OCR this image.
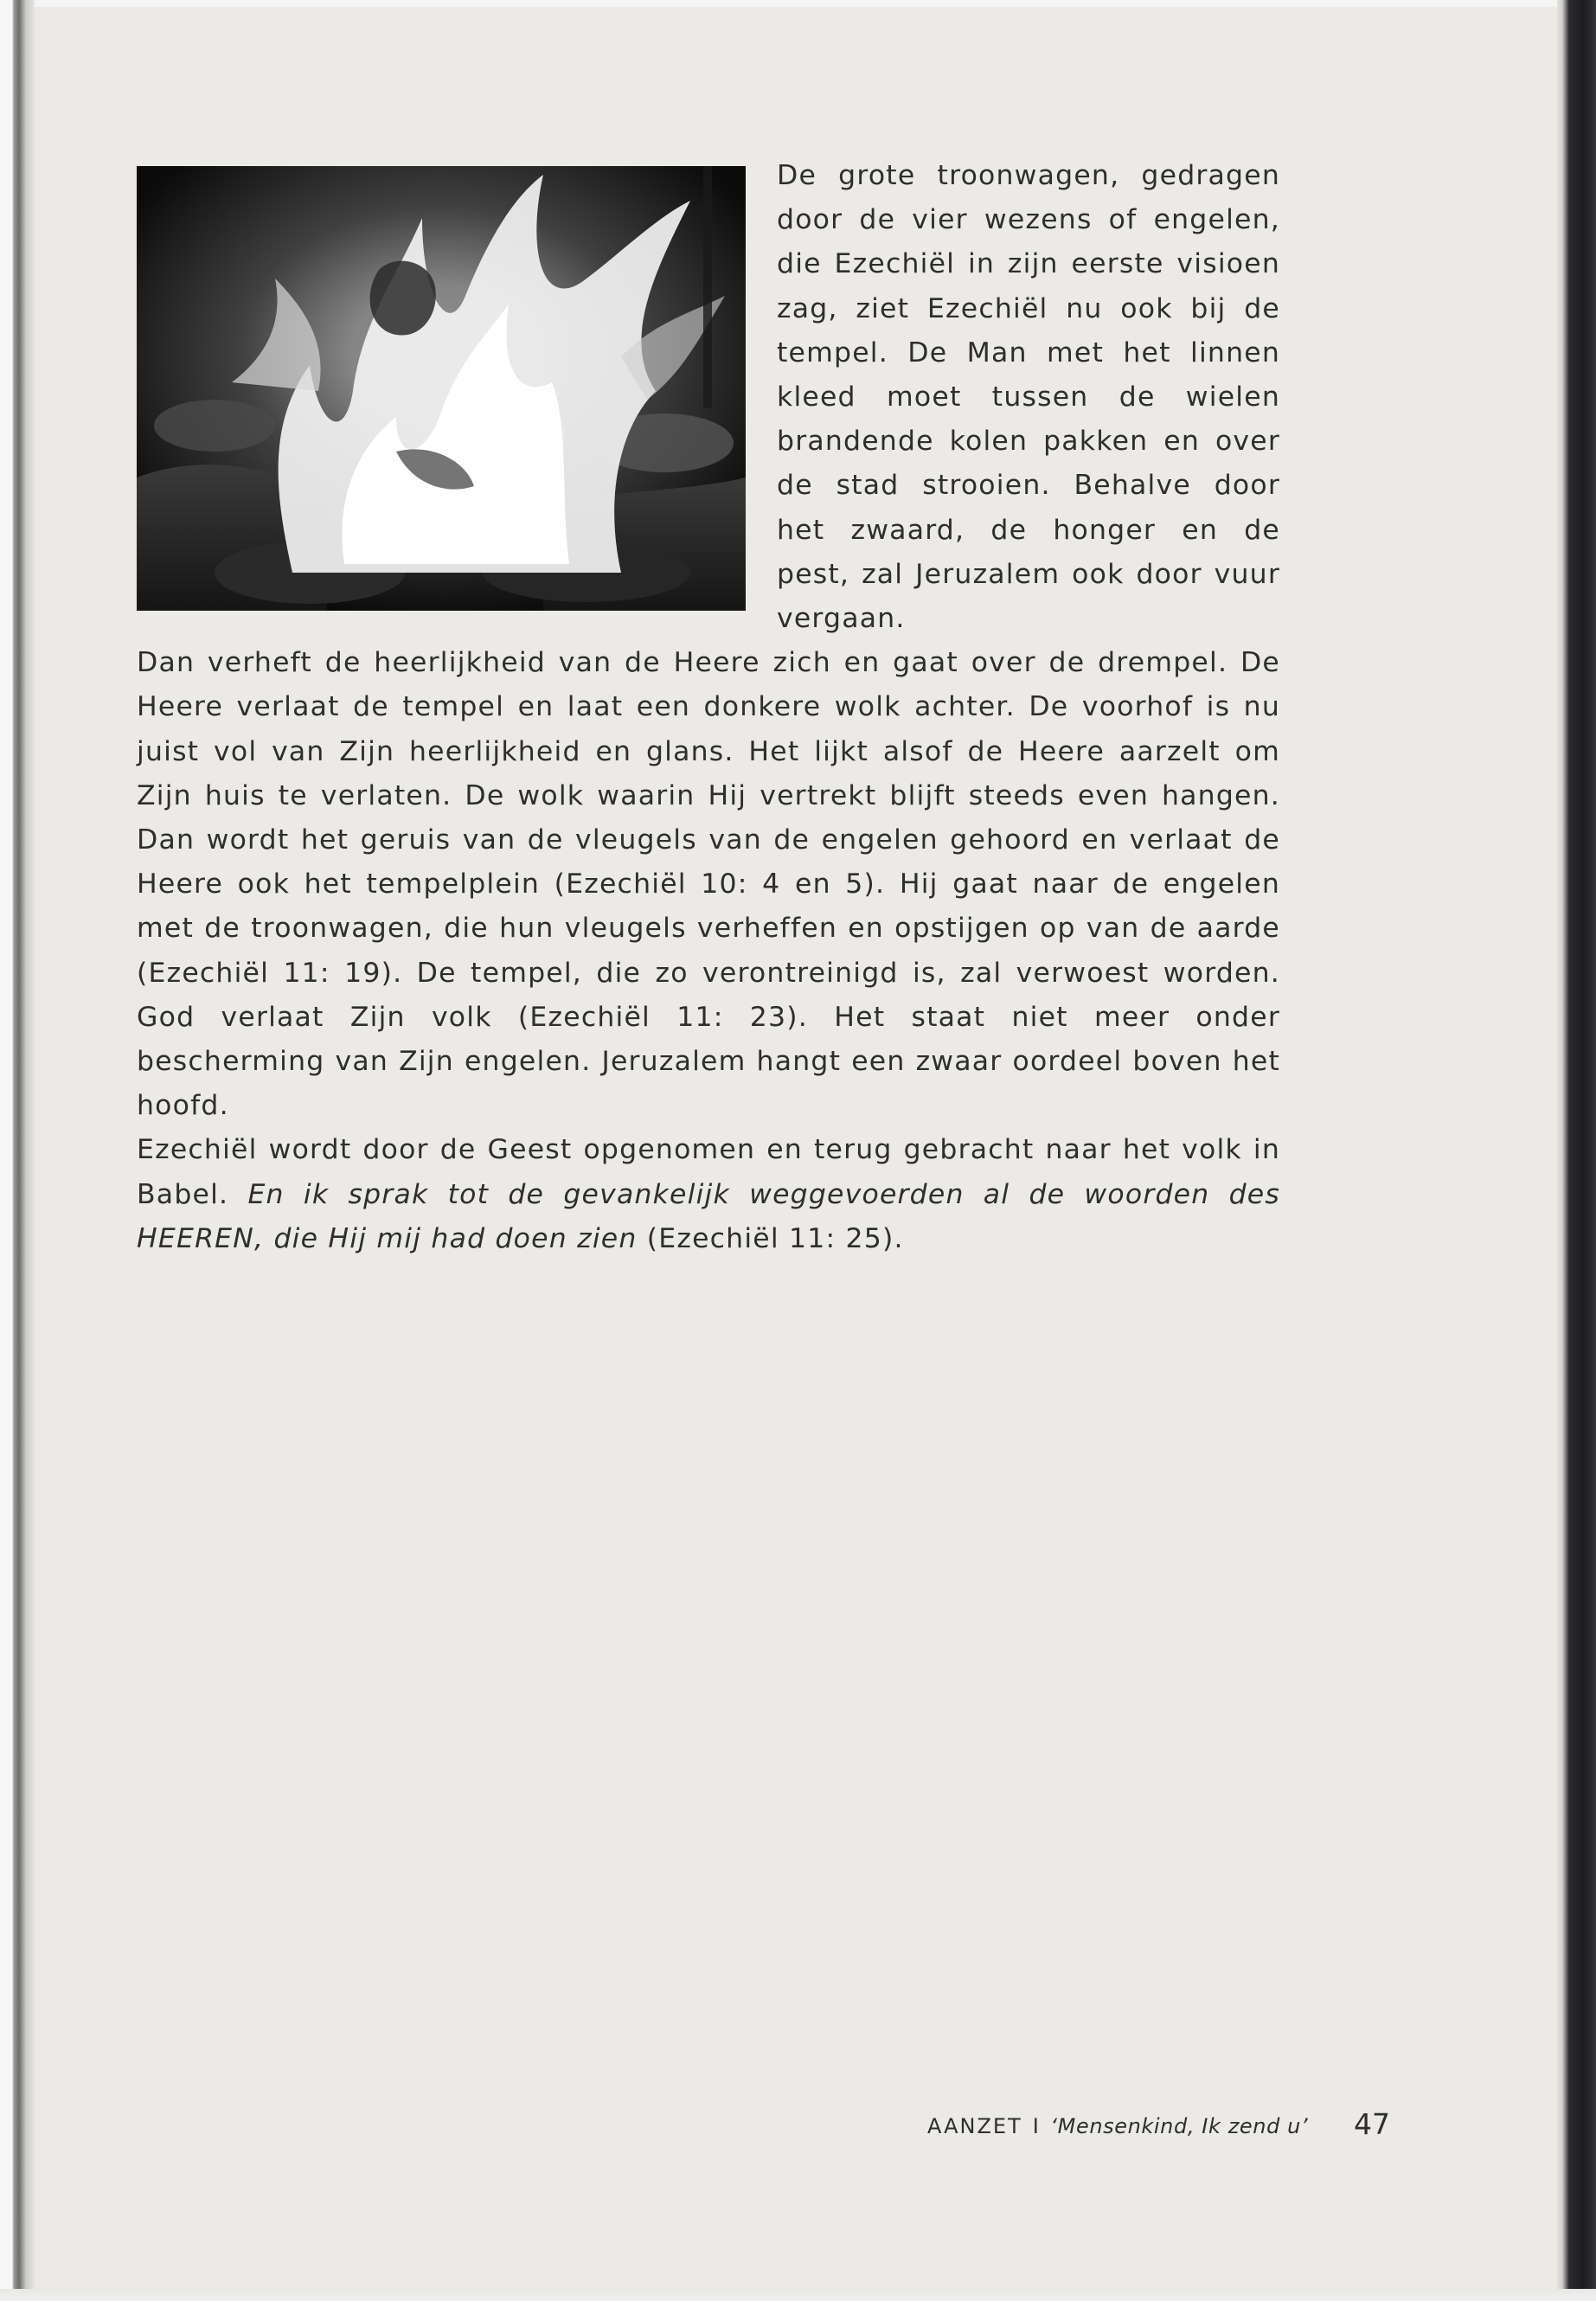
De grote troonwagen, gedragen door de vier wezens of engelen, die Ezechiël in zijn eerste visioen zag, ziet Ezechiël nu ook bij de tempel. De Man met het linnen kleed moet tussen de wielen brandende kolen pakken en over de stad strooien. Behalve door het zwaard, de honger en de pest, zal Jeruzalem ook door vuur vergaan.

Dan verheft de heerlijkheid van de Heere zich en gaat over de drempel. De Heere verlaat de tempel en laat een donkere wolk achter. De voorhof is nu juist vol van Zijn heerlijkheid en glans. Het lijkt alsof de Heere aarzelt om Zijn huis te verlaten. De wolk waarin Hij vertrekt blijft steeds even hangen. Dan wordt het geruis van de vleugels van de engelen gehoord en verlaat de Heere ook het tempelplein (Ezechiël 10: 4 en 5). Hij gaat naar de engelen met de troonwagen, die hun vleugels verheffen en opstijgen op van de aarde (Ezechiël 11: 19). De tempel, die zo verontreinigd is, zal verwoest worden. God verlaat Zijn volk (Ezechiël 11: 23). Het staat niet meer onder bescherming van Zijn engelen. Jeruzalem hangt een zwaar oordeel boven het hoofd.

Ezechiël wordt door de Geest opgenomen en terug gebracht naar het volk in Babel. En ik sprak tot de gevankelijk weggevoerden al de woorden des HEEREN, die Hij mij had doen zien (Ezechiël 11: 25).

AANZET I ‘Mensenkind, Ik zend u’ 47
